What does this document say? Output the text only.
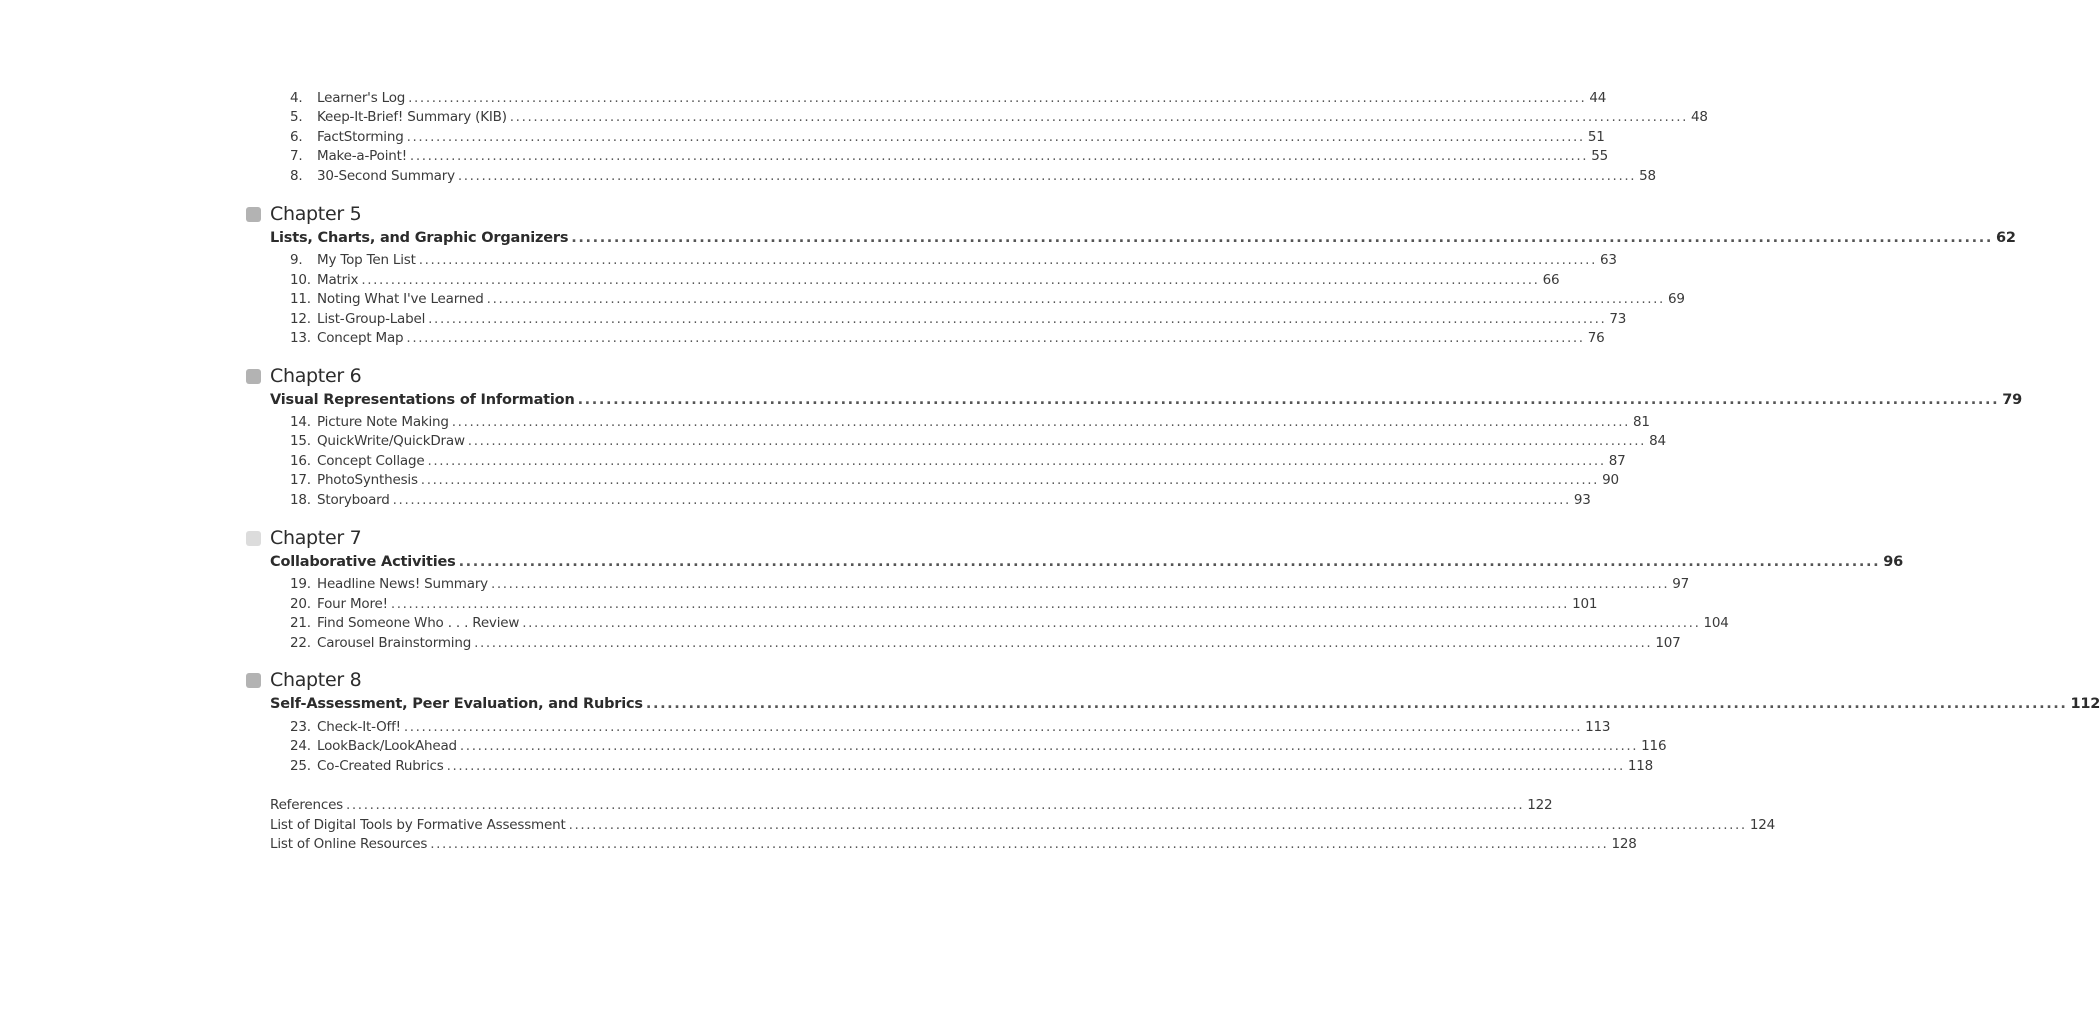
4.	Learner's Log ........................................................................................................................................................................................................ 44
5.	Keep-It-Brief! Summary (KIB) ........................................................................................................................................................................................................ 48
6.	FactStorming ........................................................................................................................................................................................................ 51
7.	Make-a-Point! ........................................................................................................................................................................................................ 55
8.	30-Second Summary ........................................................................................................................................................................................................ 58
Chapter 5
Lists, Charts, and Graphic Organizers ........................................................................................................................................................................................................ 62
9.	My Top Ten List ........................................................................................................................................................................................................ 63
10. Matrix ........................................................................................................................................................................................................ 66
11. Noting What I've Learned ........................................................................................................................................................................................................ 69
12. List-Group-Label ........................................................................................................................................................................................................ 73
13. Concept Map ........................................................................................................................................................................................................ 76
Chapter 6
Visual Representations of Information ........................................................................................................................................................................................................ 79
14. Picture Note Making ........................................................................................................................................................................................................ 81
15. QuickWrite/QuickDraw ........................................................................................................................................................................................................ 84
16. Concept Collage ........................................................................................................................................................................................................ 87
17. PhotoSynthesis ........................................................................................................................................................................................................ 90
18. Storyboard ........................................................................................................................................................................................................ 93
Chapter 7
Collaborative Activities ........................................................................................................................................................................................................ 96
19. Headline News! Summary ........................................................................................................................................................................................................ 97
20. Four More! ........................................................................................................................................................................................................ 101
21. Find Someone Who . . . Review ........................................................................................................................................................................................................ 104
22. Carousel Brainstorming ........................................................................................................................................................................................................ 107
Chapter 8
Self-Assessment, Peer Evaluation, and Rubrics ........................................................................................................................................................................................................ 112
23. Check-It-Off! ........................................................................................................................................................................................................ 113
24. LookBack/LookAhead ........................................................................................................................................................................................................ 116
25. Co-Created Rubrics ........................................................................................................................................................................................................ 118
References ........................................................................................................................................................................................................ 122
List of Digital Tools by Formative Assessment ........................................................................................................................................................................................................ 124
List of Online Resources ........................................................................................................................................................................................................ 128
